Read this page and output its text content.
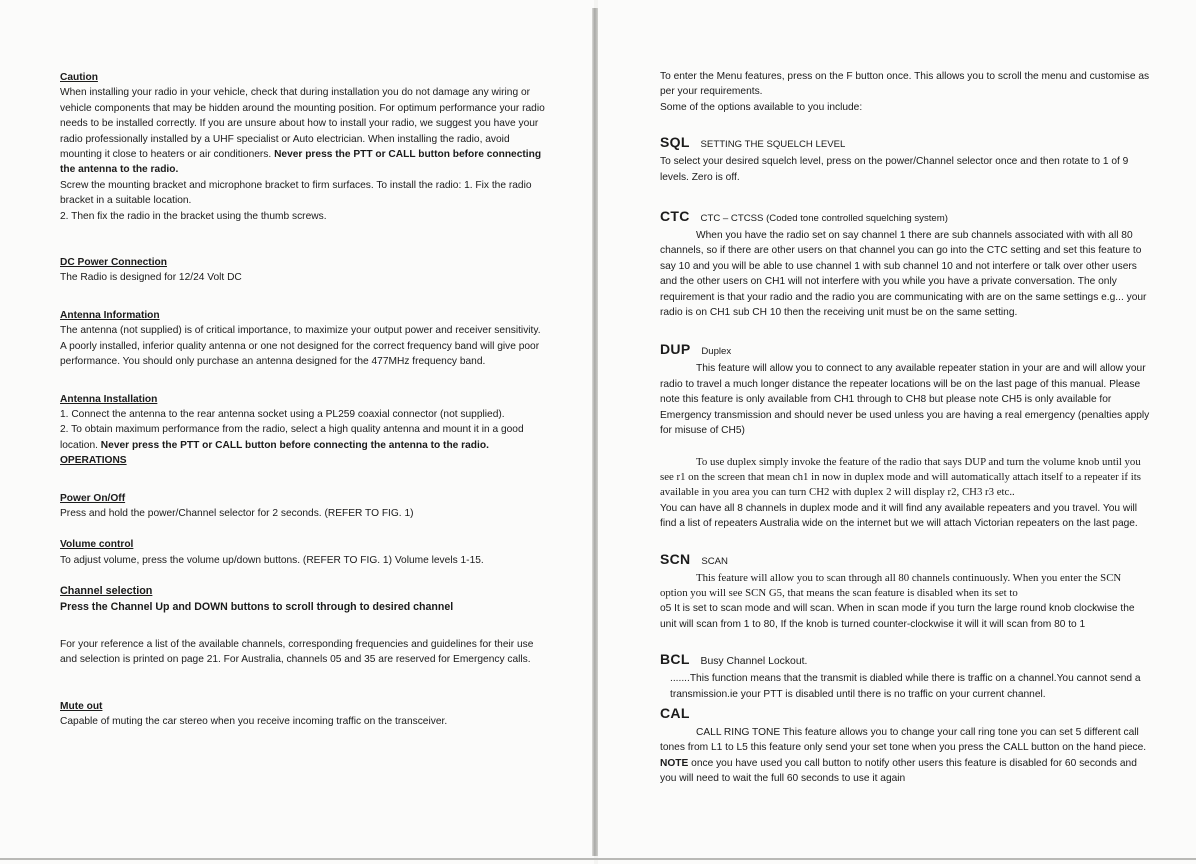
Caution

When installing your radio in your vehicle, check that during installation you do not damage any wiring or vehicle components that may be hidden around the mounting position. For optimum performance your radio needs to be installed correctly. If you are unsure about how to install your radio, we suggest you have your radio professionally installed by a UHF specialist or Auto electrician. When installing the radio, avoid mounting it close to heaters or air conditioners. Never press the PTT or CALL button before connecting the antenna to the radio.

Screw the mounting bracket and microphone bracket to firm surfaces. To install the radio: 1. Fix the radio bracket in a suitable location.

2. Then fix the radio in the bracket using the thumb screws.

DC Power Connection

The Radio is designed for 12/24 Volt DC

Antenna Information

The antenna (not supplied) is of critical importance, to maximize your output power and receiver sensitivity. A poorly installed, inferior quality antenna or one not designed for the correct frequency band will give poor performance. You should only purchase an antenna designed for the 477MHz frequency band.

Antenna Installation

1. Connect the antenna to the rear antenna socket using a PL259 coaxial connector (not supplied).

2. To obtain maximum performance from the radio, select a high quality antenna and mount it in a good location. Never press the PTT or CALL button before connecting the antenna to the radio.

OPERATIONS

Power On/Off

Press and hold the power/Channel selector for 2 seconds. (REFER TO FIG. 1)

Volume control

To adjust volume, press the volume up/down buttons. (REFER TO FIG. 1) Volume levels 1-15.

Channel selection

Press the Channel Up and DOWN buttons to scroll through to desired channel

For your reference a list of the available channels, corresponding frequencies and guidelines for their use and selection is printed on page 21. For Australia, channels 05 and 35 are reserved for Emergency calls.

Mute out

Capable of muting the car stereo when you receive incoming traffic on the transceiver.

To enter the Menu features, press on the F button once. This allows you to scroll the menu and customise as per your requirements.

Some of the options available to you include:

SQL SETTING THE SQUELCH LEVEL

To select your desired squelch level, press on the power/Channel selector once and then rotate to 1 of 9 levels. Zero is off.

CTC CTC – CTCSS (Coded tone controlled squelching system)

When you have the radio set on say channel 1 there are sub channels associated with with all 80 channels, so if there are other users on that channel you can go into the CTC setting and set this feature to say 10 and you will be able to use channel 1 with sub channel 10 and not interfere or talk over other users and the other users on CH1 will not interfere with you while you have a private conversation. The only requirement is that your radio and the radio you are communicating with are on the same settings e.g... your radio is on CH1 sub CH 10 then the receiving unit must be on the same setting.

DUP Duplex

This feature will allow you to connect to any available repeater station in your are and will allow your radio to travel a much longer distance the repeater locations will be on the last page of this manual. Please note this feature is only available from CH1 through to CH8 but please note CH5 is only available for Emergency transmission and should never be used unless you are having a real emergency (penalties apply for misuse of CH5)

To use duplex simply invoke the feature of the radio that says DUP and turn the volume knob until you see r1 on the screen that mean ch1 in now in duplex mode and will automatically attach itself to a repeater if its available in you area you can turn CH2 with duplex 2 will display r2, CH3 r3 etc..

You can have all 8 channels in duplex mode and it will find any available repeaters and you travel. You will find a list of repeaters Australia wide on the internet but we will attach Victorian repeaters on the last page.

SCN SCAN

This feature will allow you to scan through all 80 channels continuously. When you enter the SCN option you will see SCN G5, that means the scan feature is disabled when its set to

o5 It is set to scan mode and will scan. When in scan mode if you turn the large round knob clockwise the unit will scan from 1 to 80, If the knob is turned counter-clockwise it will it will scan from 80 to 1

BCL Busy Channel Lockout.

.......This function means that the transmit is diabled while there is traffic on a channel.You cannot send a transmission.ie your PTT is disabled until there is no traffic on your current channel.

CAL

CALL RING TONE This feature allows you to change your call ring tone you can set 5 different call tones from L1 to L5 this feature only send your set tone when you press the CALL button on the hand piece. NOTE once you have used you call button to notify other users this feature is disabled for 60 seconds and you will need to wait the full 60 seconds to use it again
